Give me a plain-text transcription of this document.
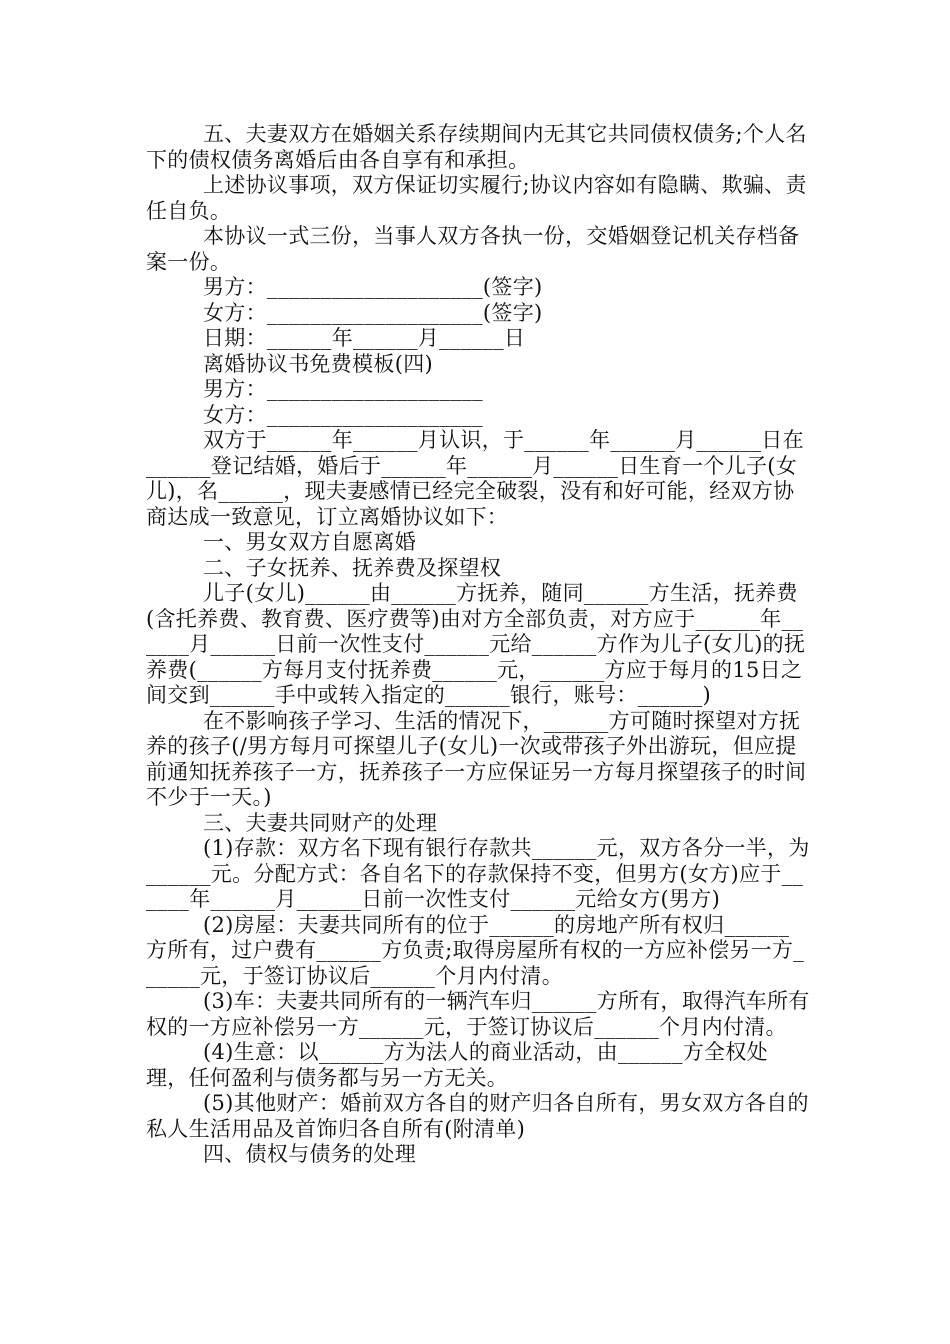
五、夫妻双方在婚姻关系存续期间内无其它共同债权债务;个人名下的债权债务离婚后由各自享有和承担。

上述协议事项，双方保证切实履行;协议内容如有隐瞒、欺骗、责任自负。

本协议一式三份，当事人双方各执一份，交婚姻登记机关存档备案一份。

男方：____________________(签字)

女方：____________________(签字)

日期：______年______月______日

离婚协议书免费模板(四)

男方：____________________

女方：____________________

双方于______年______月认识，于______年______月______日在______登记结婚，婚后于______年______月______日生育一个儿子(女儿)，名______，现夫妻感情已经完全破裂，没有和好可能，经双方协商达成一致意见，订立离婚协议如下：

一、男女双方自愿离婚

二、子女抚养、抚养费及探望权

儿子(女儿)______由______方抚养，随同______方生活，抚养费(含托养费、教育费、医疗费等)由对方全部负责，对方应于______年______月______日前一次性支付______元给______方作为儿子(女儿)的抚养费(______方每月支付抚养费______元，______方应于每月的15日之间交到______手中或转入指定的______银行，账号：______)

在不影响孩子学习、生活的情况下，______方可随时探望对方抚养的孩子(/男方每月可探望儿子(女儿)一次或带孩子外出游玩，但应提前通知抚养孩子一方，抚养孩子一方应保证另一方每月探望孩子的时间不少于一天。)

三、夫妻共同财产的处理

(1)存款：双方名下现有银行存款共______元，双方各分一半，为______元。分配方式：各自名下的存款保持不变，但男方(女方)应于______年______月______日前一次性支付______元给女方(男方)

(2)房屋：夫妻共同所有的位于______的房地产所有权归______方所有，过户费有______方负责;取得房屋所有权的一方应补偿另一方______元，于签订协议后______个月内付清。

(3)车：夫妻共同所有的一辆汽车归______方所有，取得汽车所有权的一方应补偿另一方______元，于签订协议后______个月内付清。

(4)生意：以______方为法人的商业活动，由______方全权处理，任何盈利与债务都与另一方无关。

(5)其他财产：婚前双方各自的财产归各自所有，男女双方各自的私人生活用品及首饰归各自所有(附清单)

四、债权与债务的处理
